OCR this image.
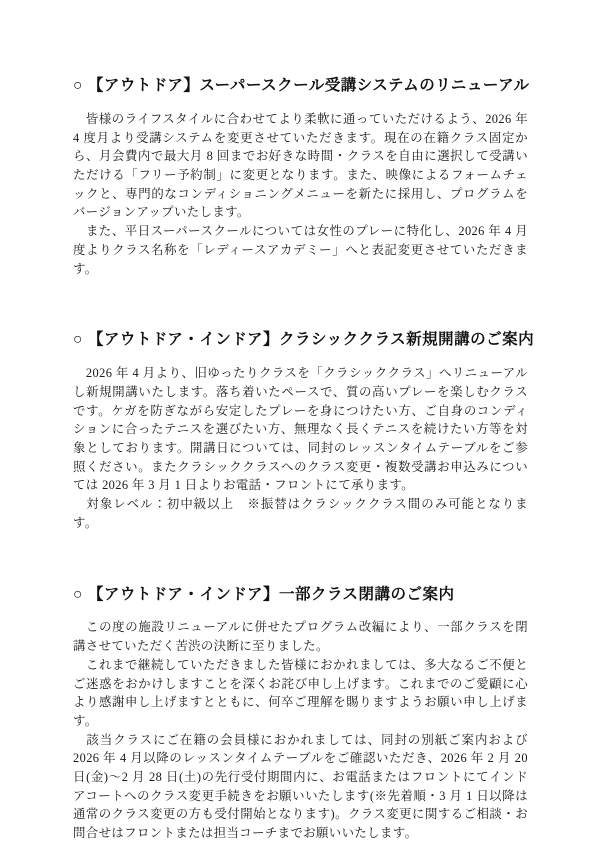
○ 【アウトドア】スーパースクール受講システムのリニューアル

　皆様のライフスタイルに合わせてより柔軟に通っていただけるよう、2026 年 4 度月より受講システムを変更させていただきます。現在の在籍クラス固定から、月会費内で最大月 8 回までお好きな時間・クラスを自由に選択して受講いただける「フリー予約制」に変更となります。また、映像によるフォームチェックと、専門的なコンディショニングメニューを新たに採用し、プログラムをバージョンアップいたします。

　また、平日スーパースクールについては女性のプレーに特化し、2026 年 4 月度よりクラス名称を「レディースアカデミー」へと表記変更させていただきます。

○ 【アウトドア・インドア】クラシッククラス新規開講のご案内

　2026 年 4 月より、旧ゆったりクラスを「クラシッククラス」へリニューアルし新規開講いたします。落ち着いたペースで、質の高いプレーを楽しむクラスです。ケガを防ぎながら安定したプレーを身につけたい方、ご自身のコンディションに合ったテニスを選びたい方、無理なく長くテニスを続けたい方等を対象としております。開講日については、同封のレッスンタイムテーブルをご参照ください。またクラシッククラスへのクラス変更・複数受講お申込みについては 2026 年 3 月 1 日よりお電話・フロントにて承ります。

　対象レベル：初中級以上　※振替はクラシッククラス間のみ可能となります。

○ 【アウトドア・インドア】一部クラス閉講のご案内

　この度の施設リニューアルに併せたプログラム改編により、一部クラスを閉講させていただく苦渋の決断に至りました。

　これまで継続していただきました皆様におかれましては、多大なるご不便とご迷惑をおかけしますことを深くお詫び申し上げます。これまでのご愛顧に心より感謝申し上げますとともに、何卒ご理解を賜りますようお願い申し上げます。

　該当クラスにご在籍の会員様におかれましては、同封の別紙ご案内および 2026 年 4 月以降のレッスンタイムテーブルをご確認いただき、2026 年 2 月 20 日(金)～2 月 28 日(土)の先行受付期間内に、お電話またはフロントにてインドアコートへのクラス変更手続きをお願いいたします(※先着順・3 月 1 日以降は通常のクラス変更の方も受付開始となります)。クラス変更に関するご相談・お問合せはフロントまたは担当コーチまでお願いいたします。
